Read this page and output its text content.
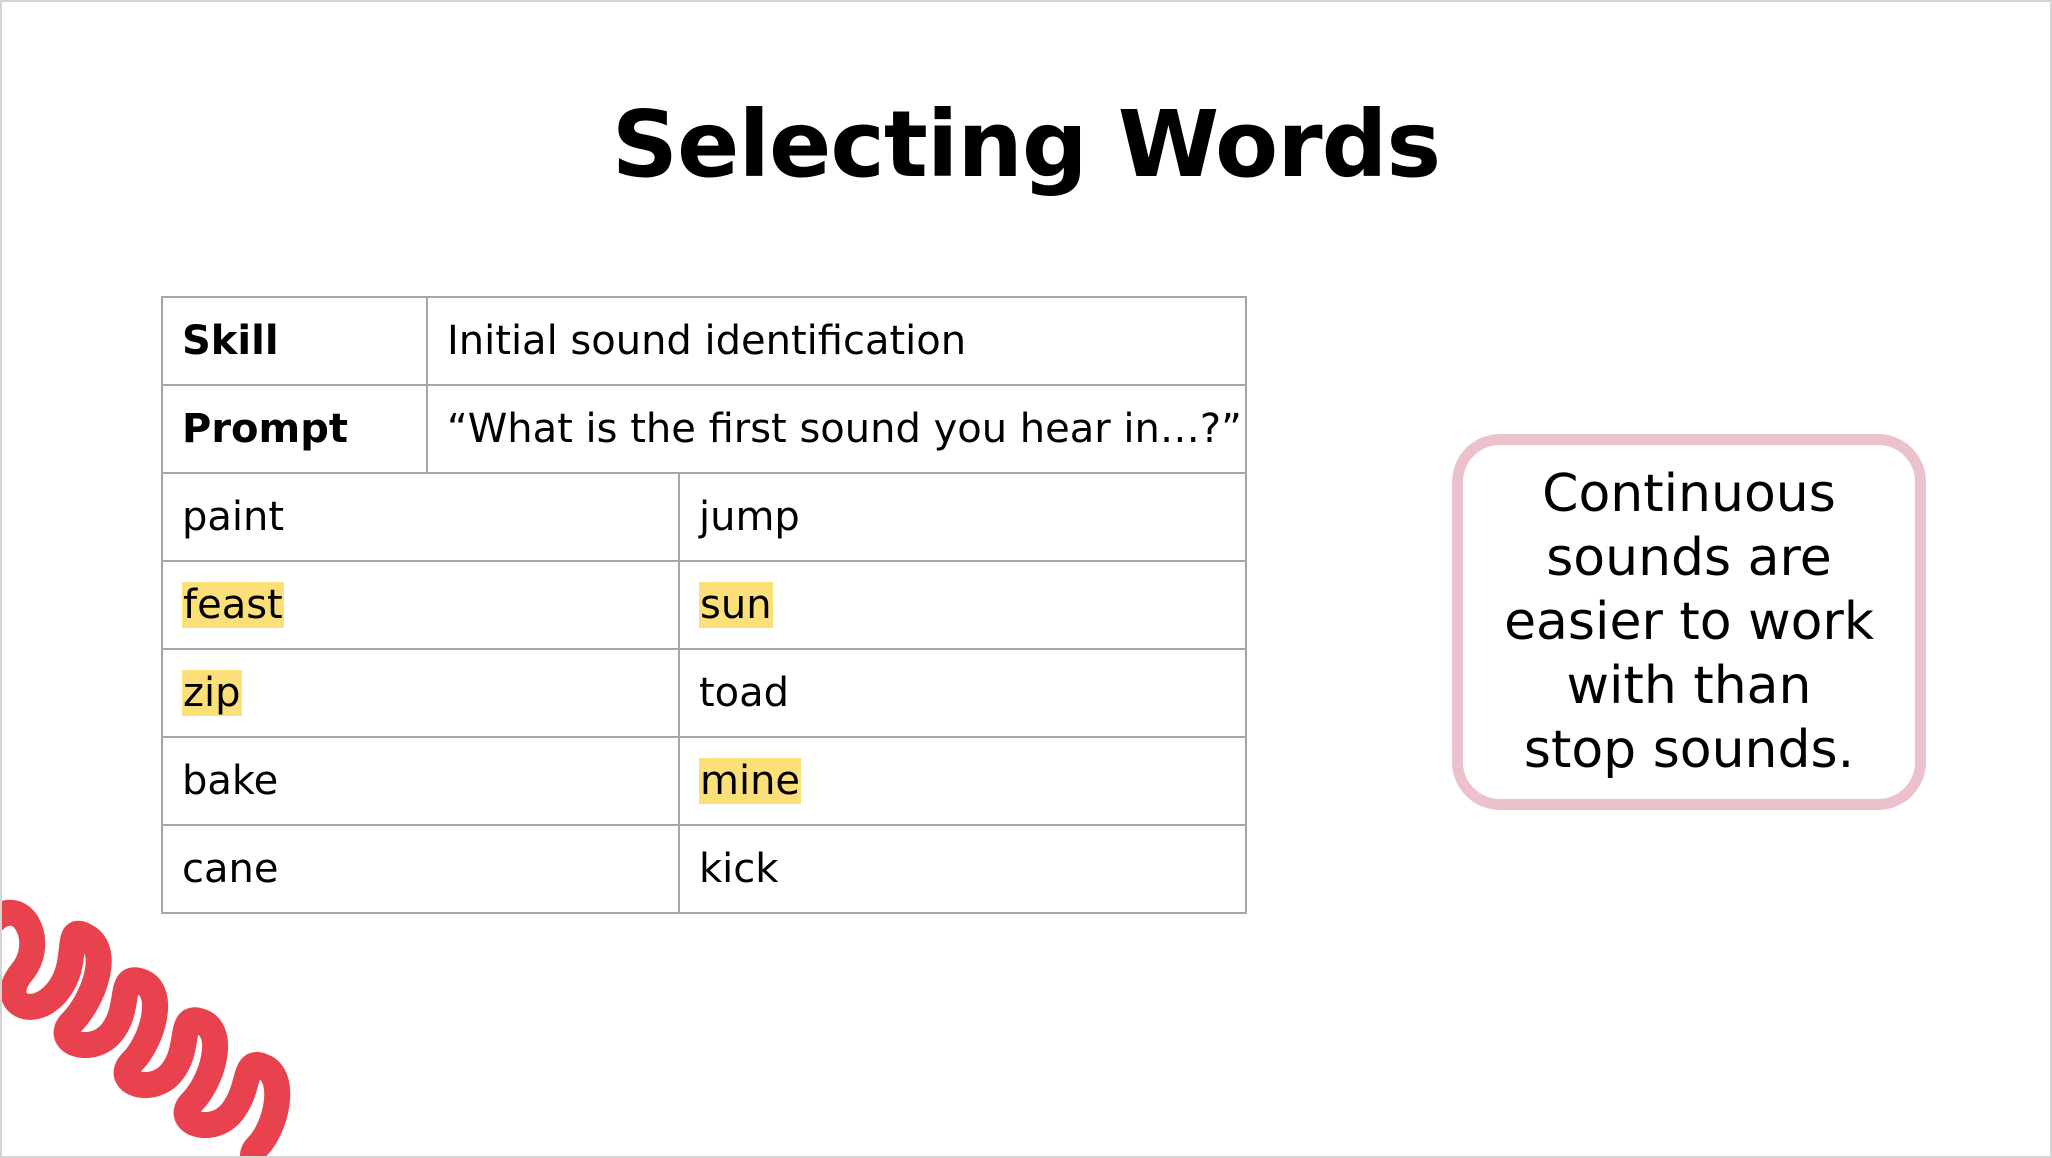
Selecting Words
Skill	Initial sound identification	
Prompt	“What is the first sound you hear in…?”	
paint		jump
feast		sun
zip		toad
bake		mine
cane		kick
Continuous
sounds are
easier to work
with than
stop sounds.
